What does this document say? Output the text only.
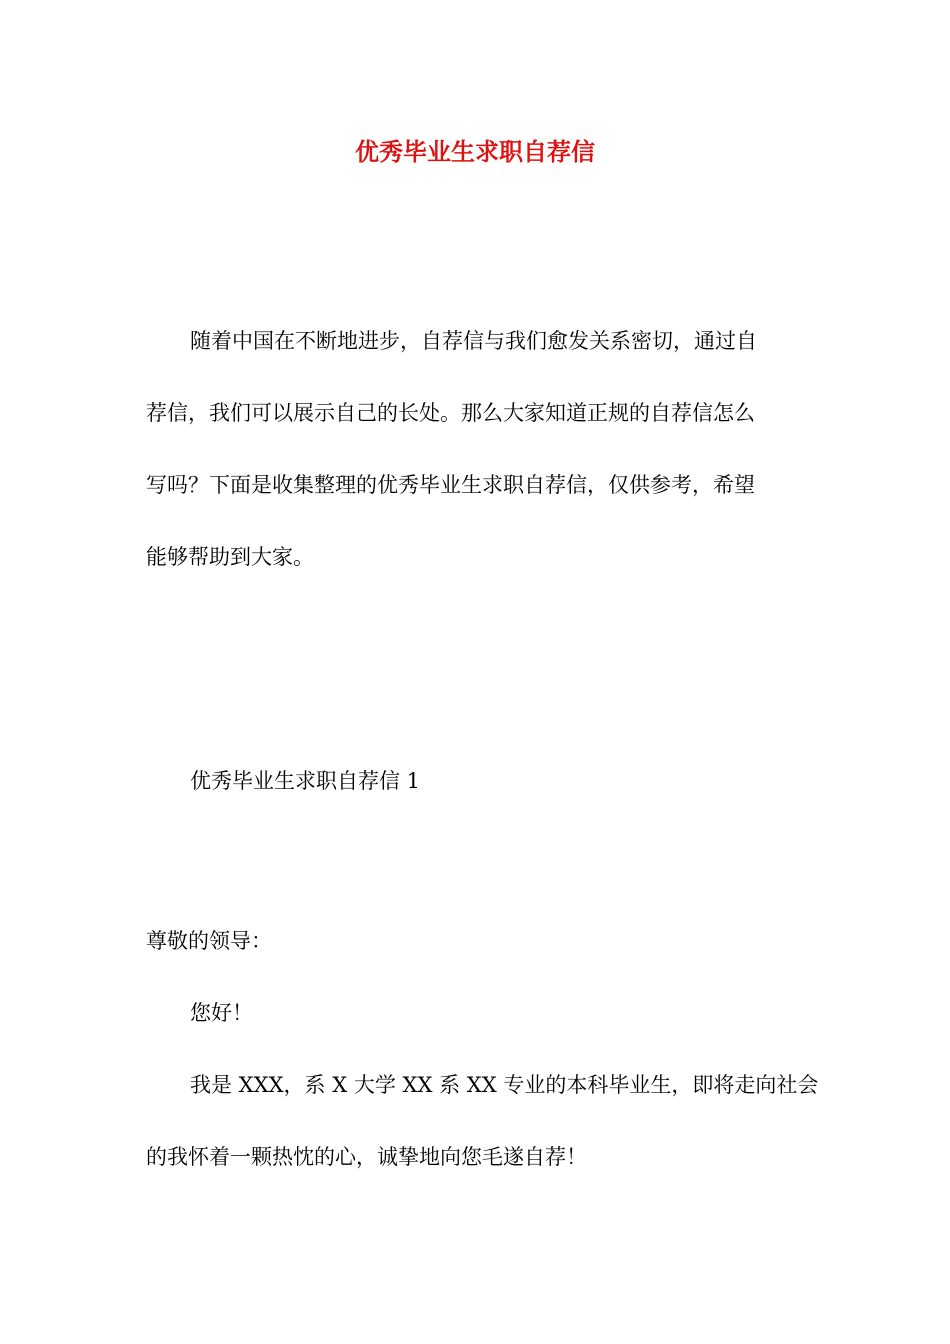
优秀毕业生求职自荐信
随着中国在不断地进步，自荐信与我们愈发关系密切，通过自
荐信，我们可以展示自己的长处。那么大家知道正规的自荐信怎么
写吗？下面是收集整理的优秀毕业生求职自荐信，仅供参考，希望
能够帮助到大家。
优秀毕业生求职自荐信 1
尊敬的领导：
您好！
我是 XXX，系 X 大学 XX 系 XX 专业的本科毕业生，即将走向社会
的我怀着一颗热忱的心，诚挚地向您毛遂自荐！
